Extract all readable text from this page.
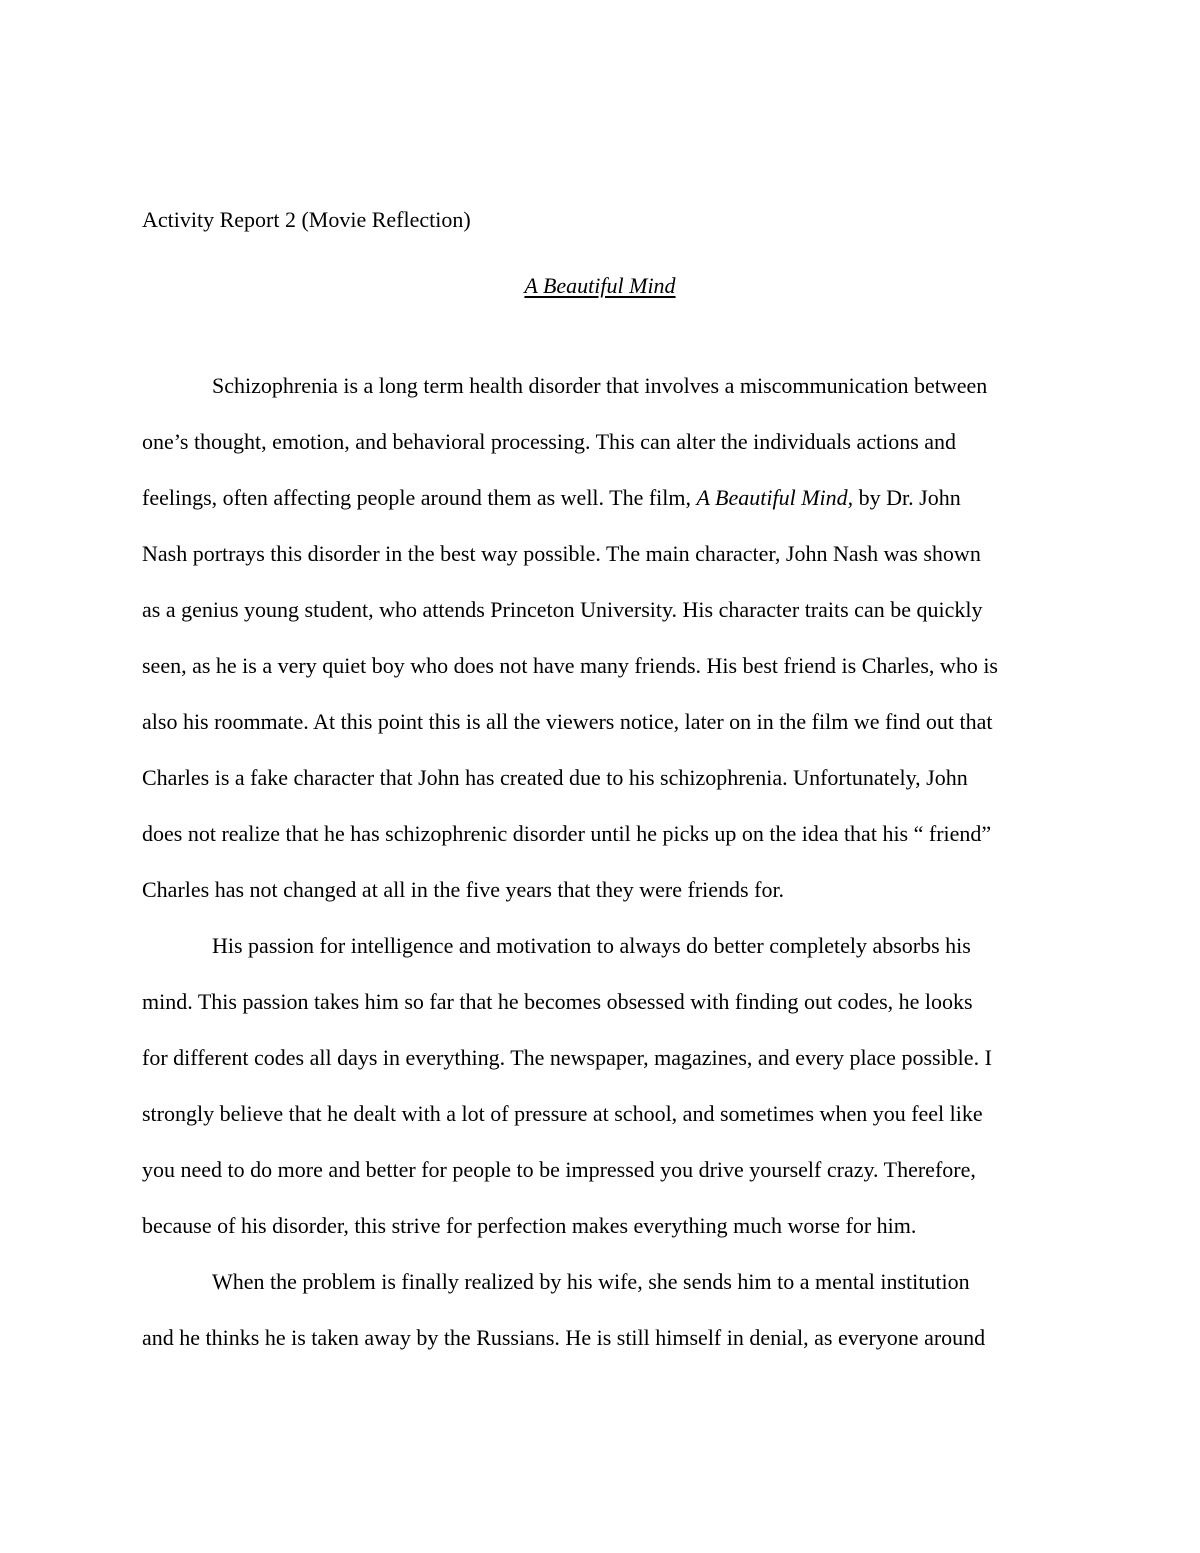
Activity Report 2 (Movie Reflection)
A Beautiful Mind
Schizophrenia is a long term health disorder that involves a miscommunication between
one’s thought, emotion, and behavioral processing. This can alter the individuals actions and
feelings, often affecting people around them as well. The film, A Beautiful Mind, by Dr. John
Nash portrays this disorder in the best way possible. The main character, John Nash was shown
as a genius young student, who attends Princeton University. His character traits can be quickly
seen, as he is a very quiet boy who does not have many friends. His best friend is Charles, who is
also his roommate. At this point this is all the viewers notice, later on in the film we find out that
Charles is a fake character that John has created due to his schizophrenia. Unfortunately, John
does not realize that he has schizophrenic disorder until he picks up on the idea that his “ friend”
Charles has not changed at all in the five years that they were friends for.
His passion for intelligence and motivation to always do better completely absorbs his
mind. This passion takes him so far that he becomes obsessed with finding out codes, he looks
for different codes all days in everything. The newspaper, magazines, and every place possible. I
strongly believe that he dealt with a lot of pressure at school, and sometimes when you feel like
you need to do more and better for people to be impressed you drive yourself crazy. Therefore,
because of his disorder, this strive for perfection makes everything much worse for him.
When the problem is finally realized by his wife, she sends him to a mental institution
and he thinks he is taken away by the Russians. He is still himself in denial, as everyone around
